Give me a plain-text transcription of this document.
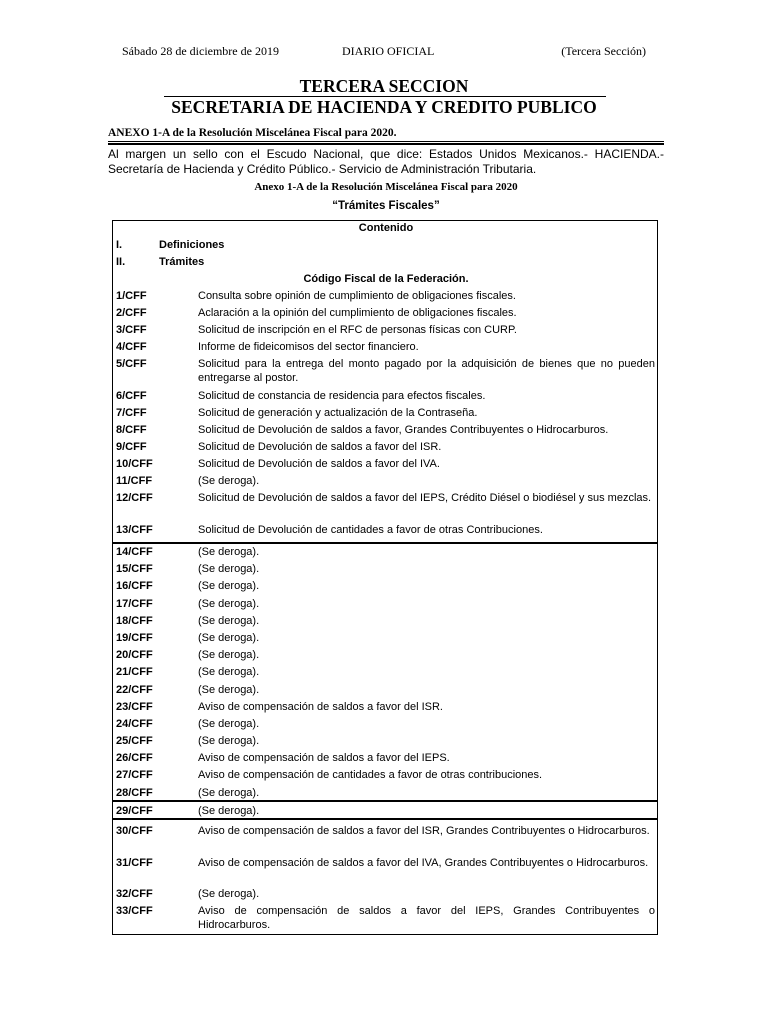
Sábado 28 de diciembre de 2019	DIARIO OFICIAL	(Tercera Sección)
TERCERA SECCION
SECRETARIA DE HACIENDA Y CREDITO PUBLICO
ANEXO 1-A de la Resolución Miscelánea Fiscal para 2020.
Al margen un sello con el Escudo Nacional, que dice: Estados Unidos Mexicanos.- HACIENDA.- Secretaría de Hacienda y Crédito Público.- Servicio de Administración Tributaria.
Anexo 1-A de la Resolución Miscelánea Fiscal para 2020
“Trámites Fiscales”
Contenido
I.	Definiciones
II.	Trámites
Código Fiscal de la Federación.
1/CFF	Consulta sobre opinión de cumplimiento de obligaciones fiscales.
2/CFF	Aclaración a la opinión del cumplimiento de obligaciones fiscales.
3/CFF	Solicitud de inscripción en el RFC de personas físicas con CURP.
4/CFF	Informe de fideicomisos del sector financiero.
5/CFF	Solicitud para la entrega del monto pagado por la adquisición de bienes que no pueden entregarse al postor.
6/CFF	Solicitud de constancia de residencia para efectos fiscales.
7/CFF	Solicitud de generación y actualización de la Contraseña.
8/CFF	Solicitud de Devolución de saldos a favor, Grandes Contribuyentes o Hidrocarburos.
9/CFF	Solicitud de Devolución de saldos a favor del ISR.
10/CFF	Solicitud de Devolución de saldos a favor del IVA.
11/CFF	(Se deroga).
12/CFF	Solicitud de Devolución de saldos a favor del IEPS, Crédito Diésel o biodiésel y sus mezclas.
13/CFF	Solicitud de Devolución de cantidades a favor de otras Contribuciones.
14/CFF	(Se deroga).
15/CFF	(Se deroga).
16/CFF	(Se deroga).
17/CFF	(Se deroga).
18/CFF	(Se deroga).
19/CFF	(Se deroga).
20/CFF	(Se deroga).
21/CFF	(Se deroga).
22/CFF	(Se deroga).
23/CFF	Aviso de compensación de saldos a favor del ISR.
24/CFF	(Se deroga).
25/CFF	(Se deroga).
26/CFF	Aviso de compensación de saldos a favor del IEPS.
27/CFF	Aviso de compensación de cantidades a favor de otras contribuciones.
28/CFF	(Se deroga).
29/CFF	(Se deroga).
30/CFF	Aviso de compensación de saldos a favor del ISR, Grandes Contribuyentes o Hidrocarburos.
31/CFF	Aviso de compensación de saldos a favor del IVA, Grandes Contribuyentes o Hidrocarburos.
32/CFF	(Se deroga).
33/CFF	Aviso de compensación de saldos a favor del IEPS, Grandes Contribuyentes o Hidrocarburos.
